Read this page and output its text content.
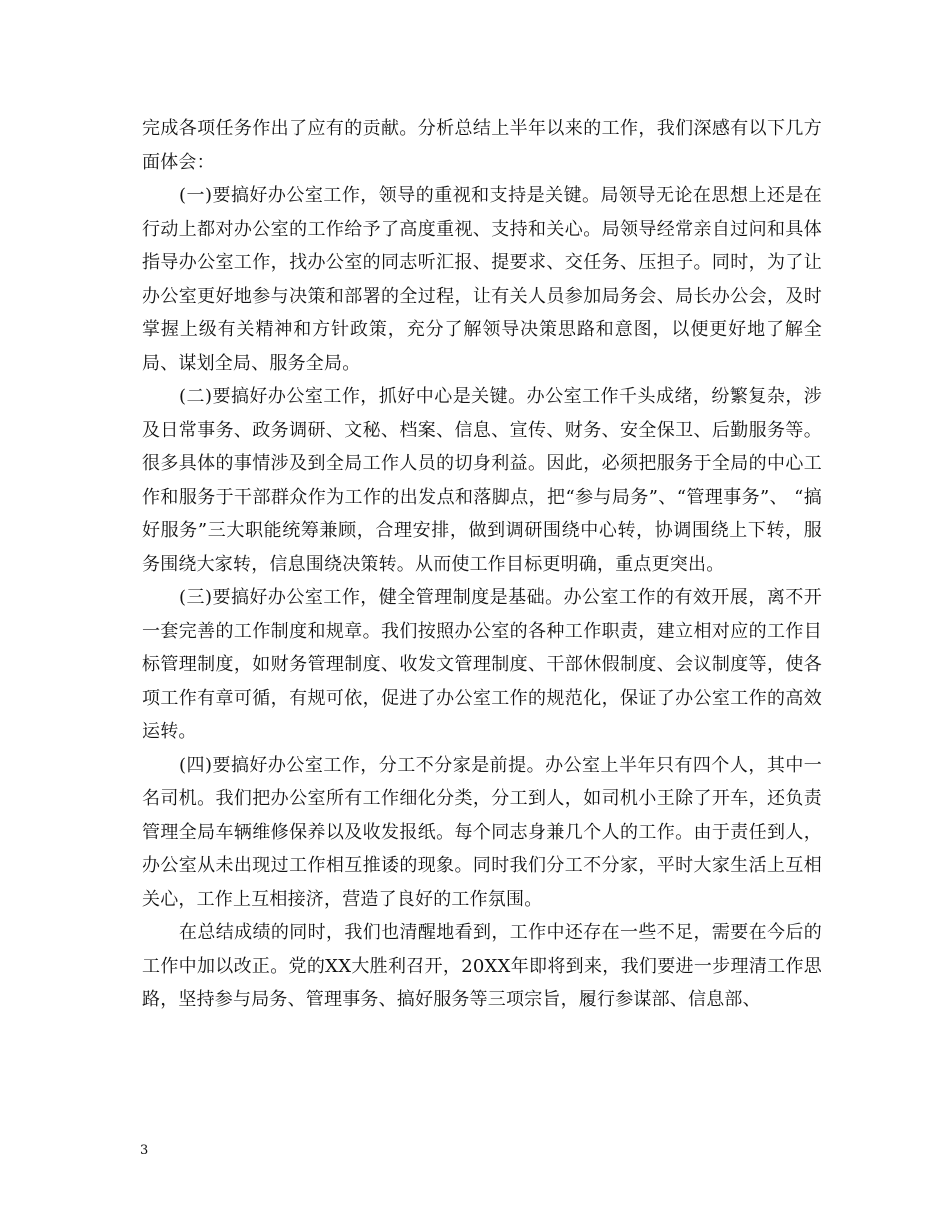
完成各项任务作出了应有的贡献。分析总结上半年以来的工作，我们深感有以下几方面体会：

(一)要搞好办公室工作，领导的重视和支持是关键。局领导无论在思想上还是在行动上都对办公室的工作给予了高度重视、支持和关心。局领导经常亲自过问和具体指导办公室工作，找办公室的同志听汇报、提要求、交任务、压担子。同时，为了让办公室更好地参与决策和部署的全过程，让有关人员参加局务会、局长办公会，及时掌握上级有关精神和方针政策，充分了解领导决策思路和意图，以便更好地了解全局、谋划全局、服务全局。

(二)要搞好办公室工作，抓好中心是关键。办公室工作千头成绪，纷繁复杂，涉及日常事务、政务调研、文秘、档案、信息、宣传、财务、安全保卫、后勤服务等。很多具体的事情涉及到全局工作人员的切身利益。因此，必须把服务于全局的中心工作和服务于干部群众作为工作的出发点和落脚点，把“参与局务”、“管理事务”、 “搞好服务”三大职能统筹兼顾，合理安排，做到调研围绕中心转，协调围绕上下转，服务围绕大家转，信息围绕决策转。从而使工作目标更明确，重点更突出。

(三)要搞好办公室工作，健全管理制度是基础。办公室工作的有效开展，离不开一套完善的工作制度和规章。我们按照办公室的各种工作职责，建立相对应的工作目标管理制度，如财务管理制度、收发文管理制度、干部休假制度、会议制度等，使各项工作有章可循，有规可依，促进了办公室工作的规范化，保证了办公室工作的高效运转。

(四)要搞好办公室工作，分工不分家是前提。办公室上半年只有四个人，其中一名司机。我们把办公室所有工作细化分类，分工到人，如司机小王除了开车，还负责管理全局车辆维修保养以及收发报纸。每个同志身兼几个人的工作。由于责任到人，办公室从未出现过工作相互推诿的现象。同时我们分工不分家，平时大家生活上互相关心，工作上互相接济，营造了良好的工作氛围。

在总结成绩的同时，我们也清醒地看到，工作中还存在一些不足，需要在今后的工作中加以改正。党的XX大胜利召开，20XX年即将到来，我们要进一步理清工作思路，坚持参与局务、管理事务、搞好服务等三项宗旨，履行参谋部、信息部、

3
